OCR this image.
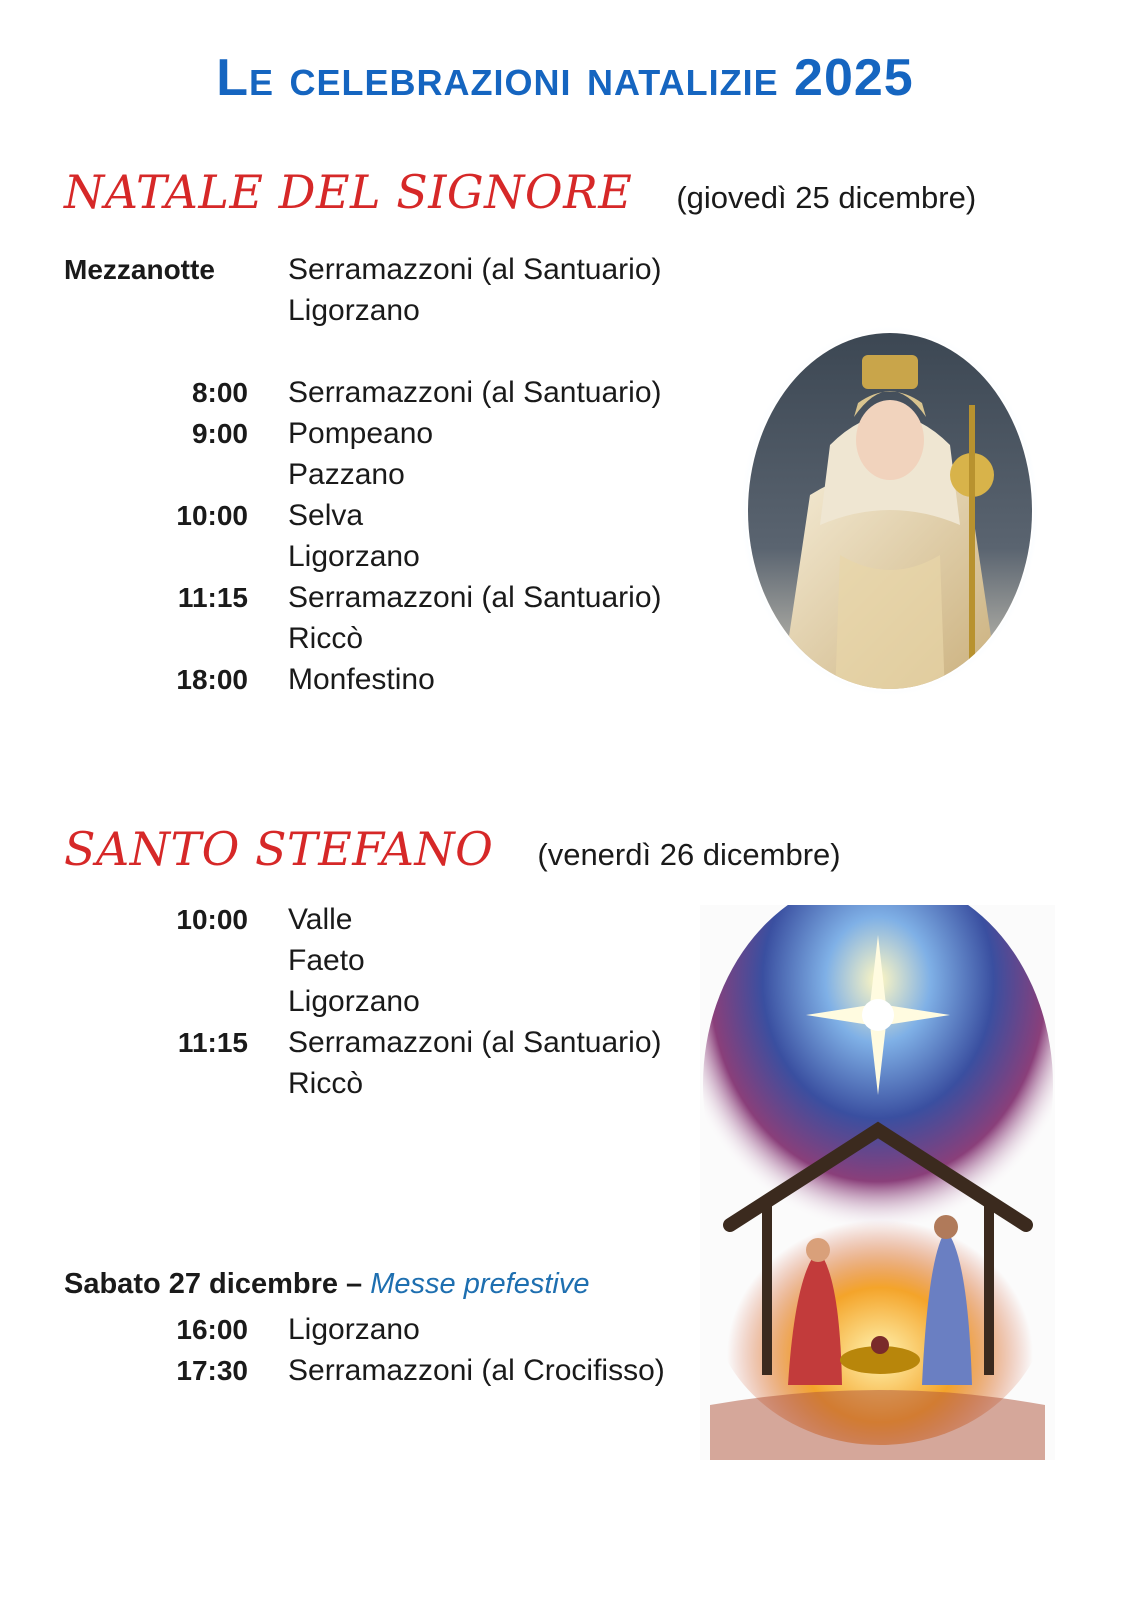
Le celebrazioni natalizie 2025
NATALE DEL SIGNORE (giovedì 25 dicembre)
Mezzanotte	Serramazzoni (al Santuario)
Ligorzano
8:00 Serramazzoni (al Santuario)
9:00 Pompeano
Pazzano
10:00 Selva
Ligorzano
11:15 Serramazzoni (al Santuario)
Riccò
18:00 Monfestino
SANTO STEFANO (venerdì 26 dicembre)
10:00 Valle
Faeto
Ligorzano
11:15 Serramazzoni (al Santuario)
Riccò
Sabato 27 dicembre – Messe prefestive
16:00 Ligorzano
17:30 Serramazzoni (al Crocifisso)
